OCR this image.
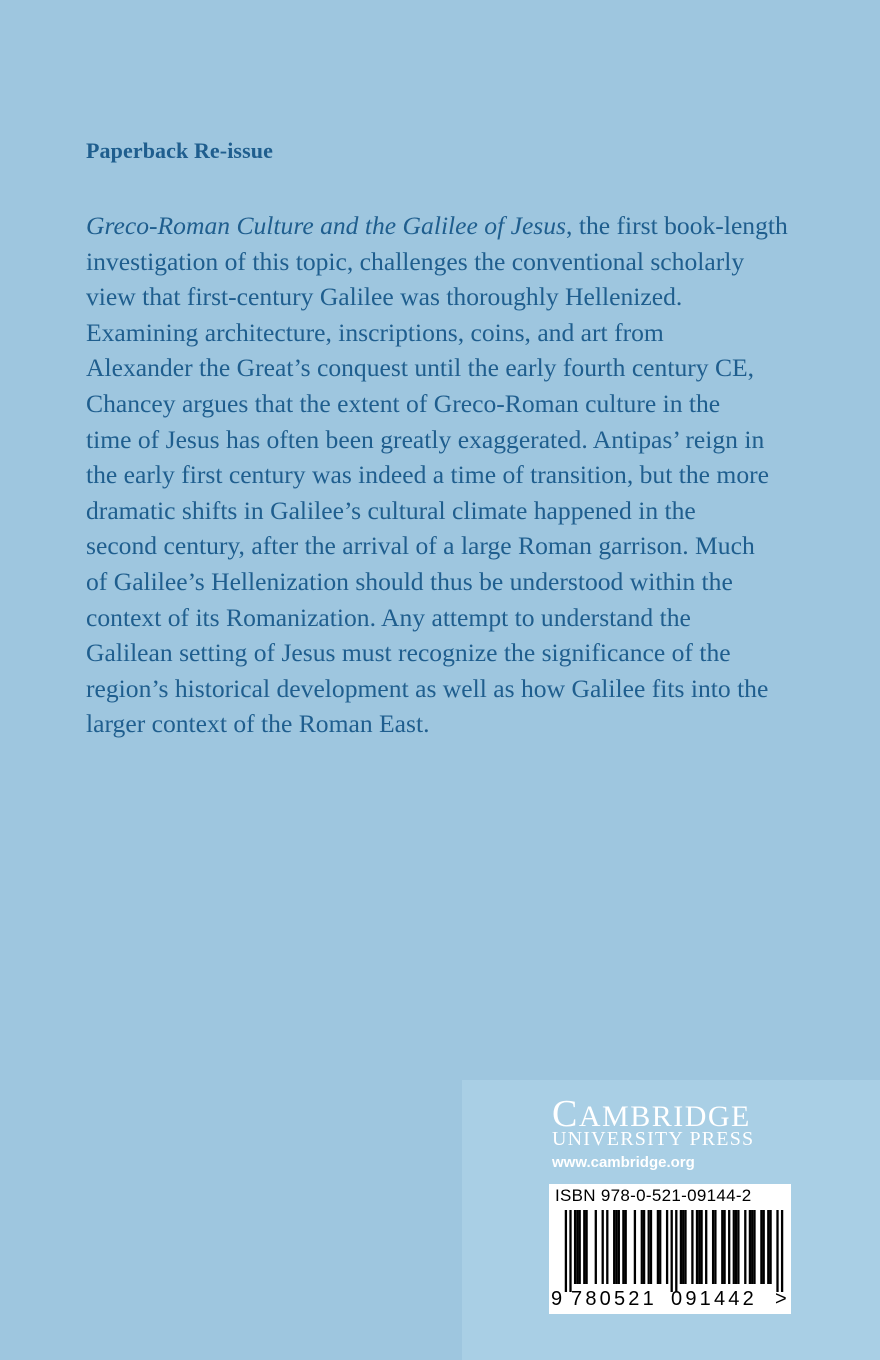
Paperback Re-issue
Greco-Roman Culture and the Galilee of Jesus, the first book-length
investigation of this topic, challenges the conventional scholarly
view that first-century Galilee was thoroughly Hellenized.
Examining architecture, inscriptions, coins, and art from
Alexander the Great’s conquest until the early fourth century CE,
Chancey argues that the extent of Greco-Roman culture in the
time of Jesus has often been greatly exaggerated. Antipas’ reign in
the early first century was indeed a time of transition, but the more
dramatic shifts in Galilee’s cultural climate happened in the
second century, after the arrival of a large Roman garrison. Much
of Galilee’s Hellenization should thus be understood within the
context of its Romanization. Any attempt to understand the
Galilean setting of Jesus must recognize the significance of the
region’s historical development as well as how Galilee fits into the
larger context of the Roman East.
CAMBRIDGE
UNIVERSITY PRESS
www.cambridge.org
ISBN 978-0-521-09144-2
9 780521 091442 >
